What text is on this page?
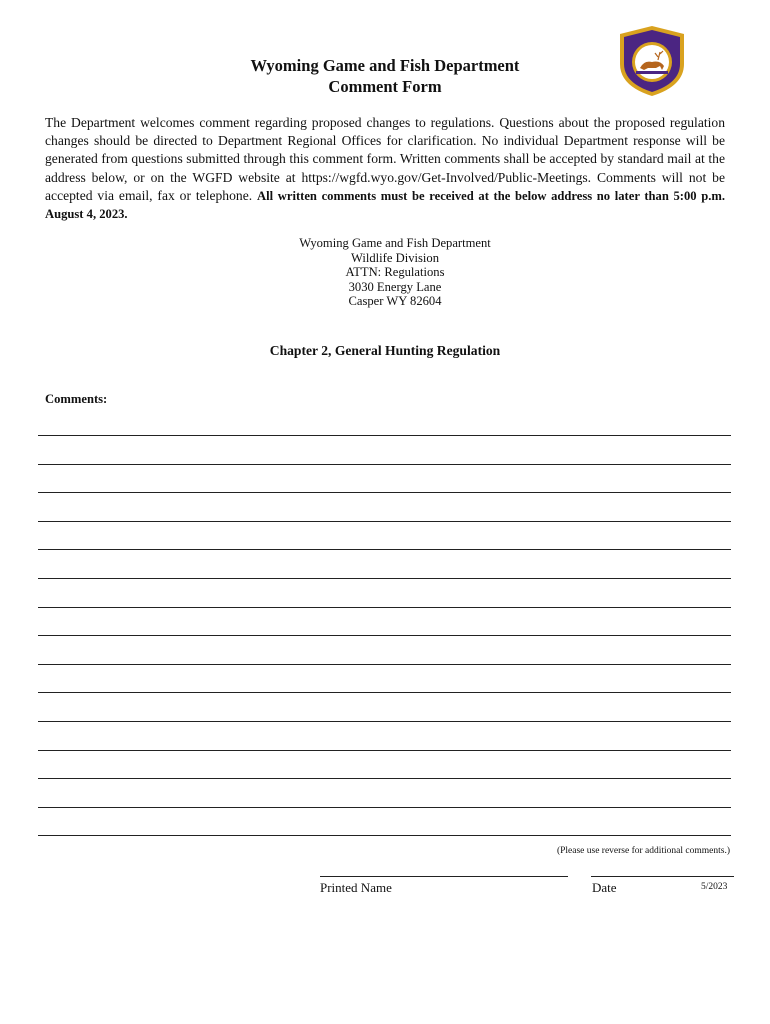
Wyoming Game and Fish Department
Comment Form
The Department welcomes comment regarding proposed changes to regulations. Questions about the proposed regulation changes should be directed to Department Regional Offices for clarification. No individual Department response will be generated from questions submitted through this comment form. Written comments shall be accepted by standard mail at the address below, or on the WGFD website at https://wgfd.wyo.gov/Get-Involved/Public-Meetings. Comments will not be accepted via email, fax or telephone. All written comments must be received at the below address no later than 5:00 p.m. August 4, 2023.
Wyoming Game and Fish Department
Wildlife Division
ATTN: Regulations
3030 Energy Lane
Casper WY 82604
Chapter 2, General Hunting Regulation
Comments:
(Please use reverse for additional comments.)
Printed Name	Date	5/2023
